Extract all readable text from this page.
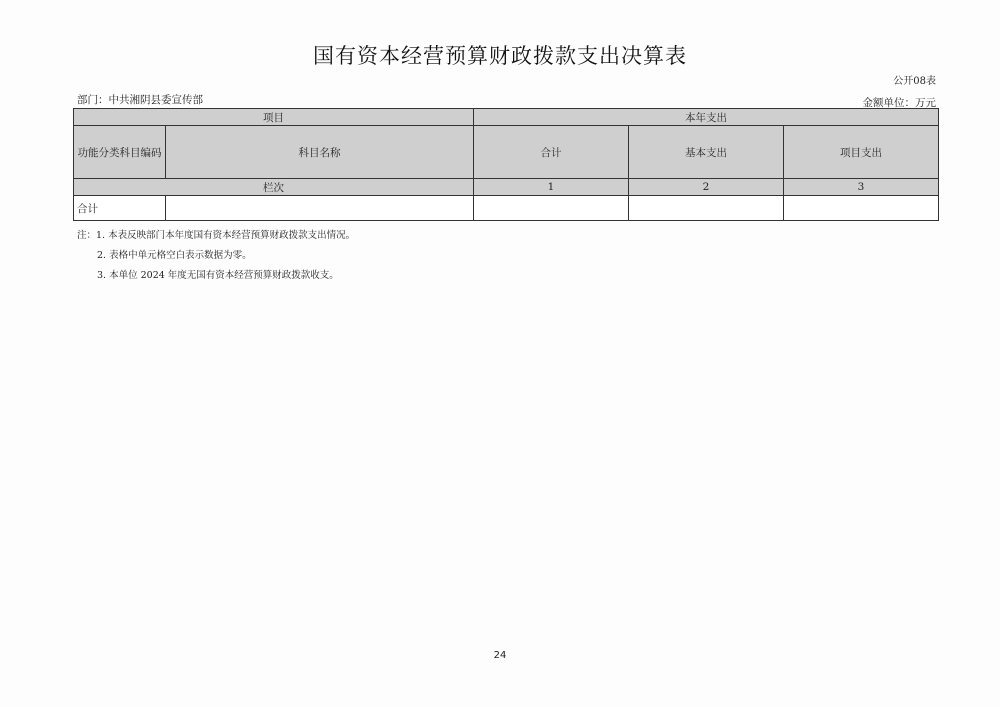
国有资本经营预算财政拨款支出决算表
公开08表
部门：中共湘阴县委宣传部	金额单位：万元
项目		本年支出		
功能分类科目编码	科目名称	合计	基本支出	项目支出
栏次		1	2	3
合计				
注：1. 本表反映部门本年度国有资本经营预算财政拨款支出情况。
2. 表格中单元格空白表示数据为零。
3. 本单位 2024 年度无国有资本经营预算财政拨款收支。
24
